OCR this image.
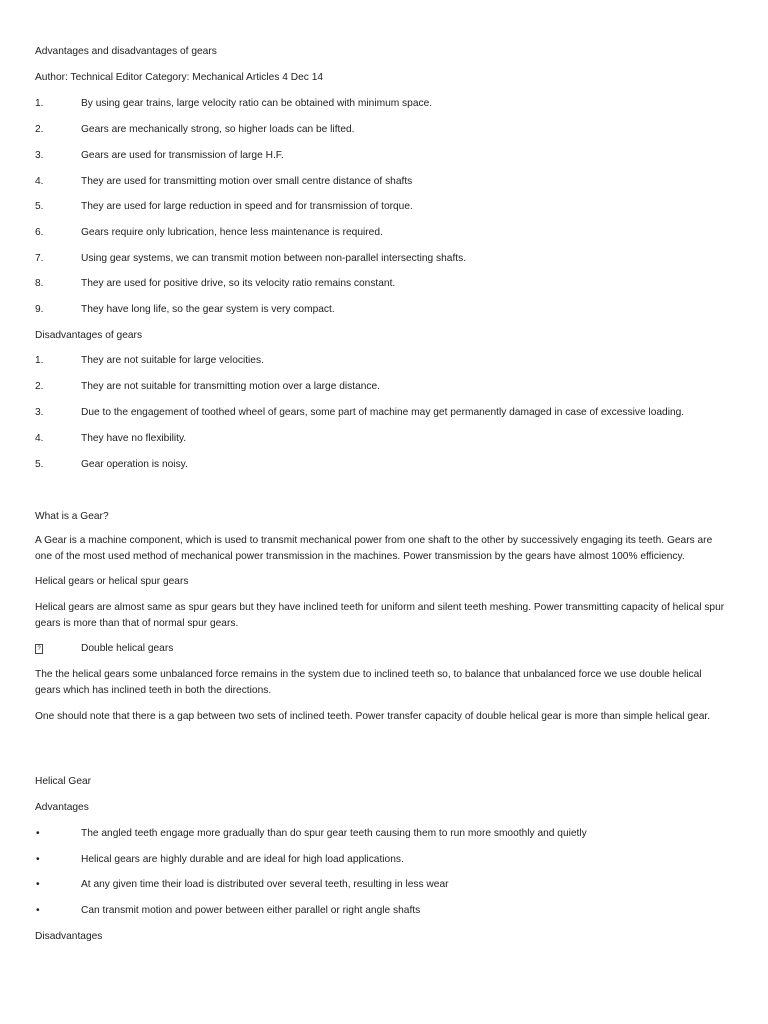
Advantages and disadvantages of gears
Author: Technical Editor Category: Mechanical Articles 4 Dec 14
1.	By using gear trains, large velocity ratio can be obtained with minimum space.
2.	Gears are mechanically strong, so higher loads can be lifted.
3.	Gears are used for transmission of large H.F.
4.	They are used for transmitting motion over small centre distance of shafts
5.	They are used for large reduction in speed and for transmission of torque.
6.	Gears require only lubrication, hence less maintenance is required.
7.	Using gear systems, we can transmit motion between non-parallel intersecting shafts.
8.	They are used for positive drive, so its velocity ratio remains constant.
9.	They have long life, so the gear system is very compact.
Disadvantages of gears
1.	They are not suitable for large velocities.
2.	They are not suitable for transmitting motion over a large distance.
3.	Due to the engagement of toothed wheel of gears, some part of machine may get permanently damaged in case of excessive loading.
4.	They have no flexibility.
5.	Gear operation is noisy.
What is a Gear?
A Gear is a machine component, which is used to transmit mechanical power from one shaft to the other by successively engaging its teeth. Gears are one of the most used method of mechanical power transmission in the machines. Power transmission by the gears have almost 100% efficiency.
Helical gears or helical spur gears
Helical gears are almost same as spur gears but they have inclined teeth for uniform and silent teeth meshing. Power transmitting capacity of helical spur gears is more than that of normal spur gears.
?	Double helical gears
The the helical gears some unbalanced force remains in the system due to inclined teeth so, to balance that unbalanced force we use double helical gears which has inclined teeth in both the directions.
One should note that there is a gap between two sets of inclined teeth. Power transfer capacity of double helical gear is more than simple helical gear.
Helical Gear
Advantages
•	The angled teeth engage more gradually than do spur gear teeth causing them to run more smoothly and quietly
•	Helical gears are highly durable and are ideal for high load applications.
•	At any given time their load is distributed over several teeth, resulting in less wear
•	Can transmit motion and power between either parallel or right angle shafts
Disadvantages
